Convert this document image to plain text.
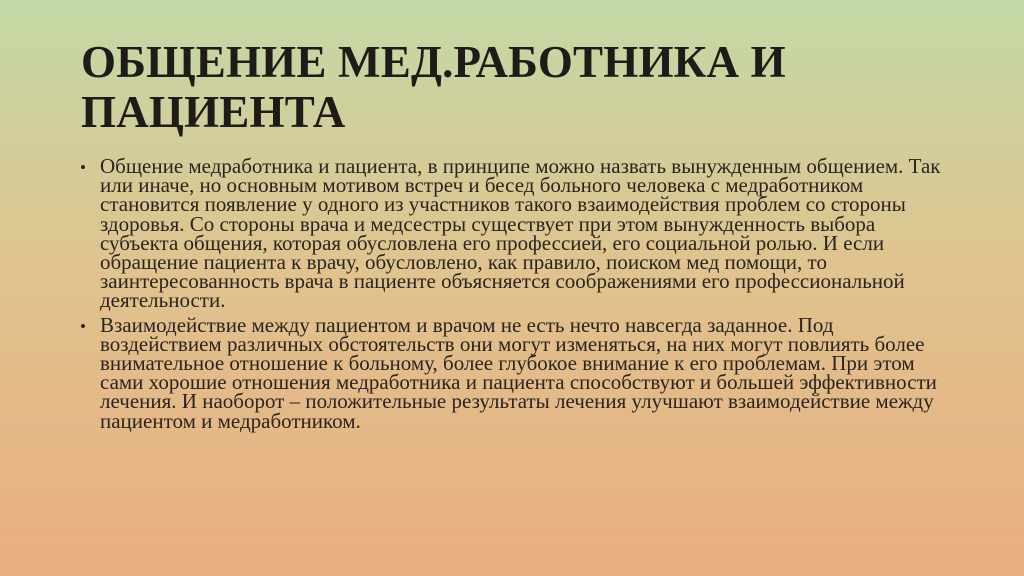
ОБЩЕНИЕ МЕД.РАБОТНИКА И ПАЦИЕНТА
• Общение медработника и пациента, в принципе можно назвать вынужденным общением. Так или иначе, но основным мотивом встреч и бесед больного человека с медработником становится появление у одного из участников такого взаимодействия проблем со стороны здоровья. Со стороны врача и медсестры существует при этом вынужденность выбора субъекта общения, которая обусловлена его профессией, его социальной ролью. И если обращение пациента к врачу, обусловлено, как правило, поиском мед помощи, то заинтересованность врача в пациенте объясняется соображениями его профессиональной деятельности.
• Взаимодействие между пациентом и врачом не есть нечто навсегда заданное. Под воздействием различных обстоятельств они могут изменяться, на них могут повлиять более внимательное отношение к больному, более глубокое внимание к его проблемам. При этом сами хорошие отношения медработника и пациента способствуют и большей эффективности лечения. И наоборот – положительные результаты лечения улучшают взаимодействие между пациентом и медработником.
